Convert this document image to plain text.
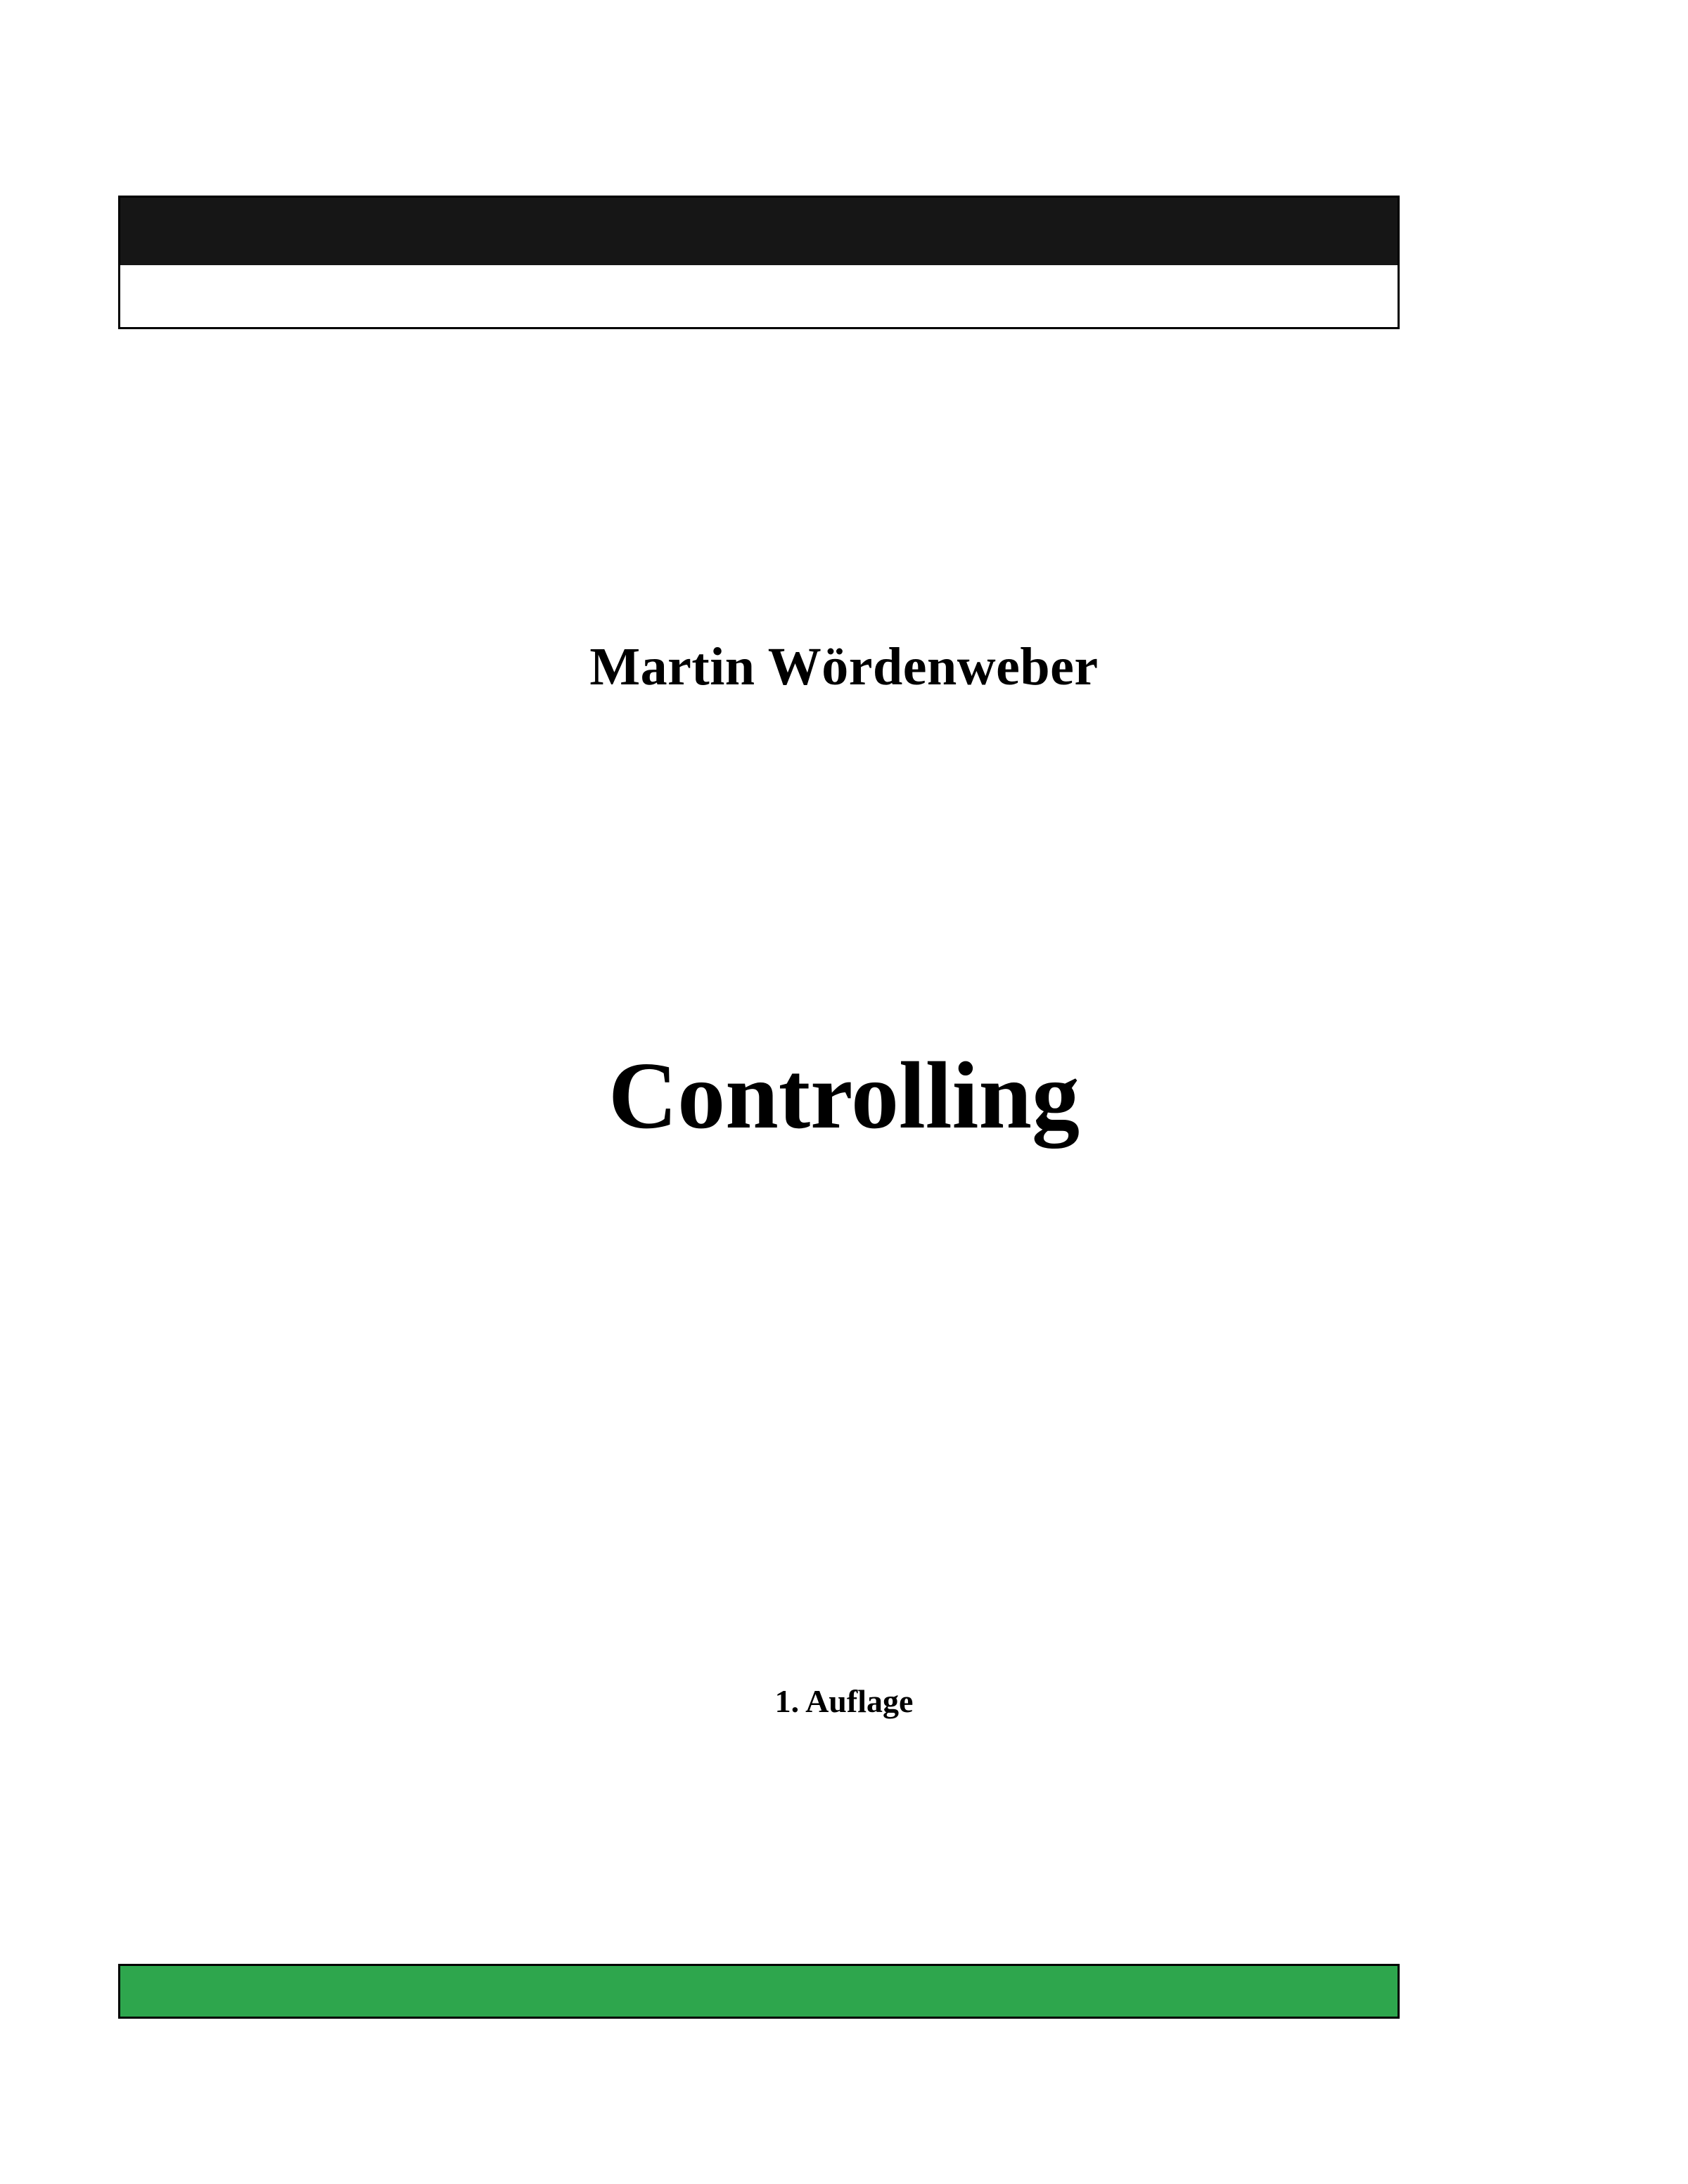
Martin Wördenweber
Controlling
1. Auflage
